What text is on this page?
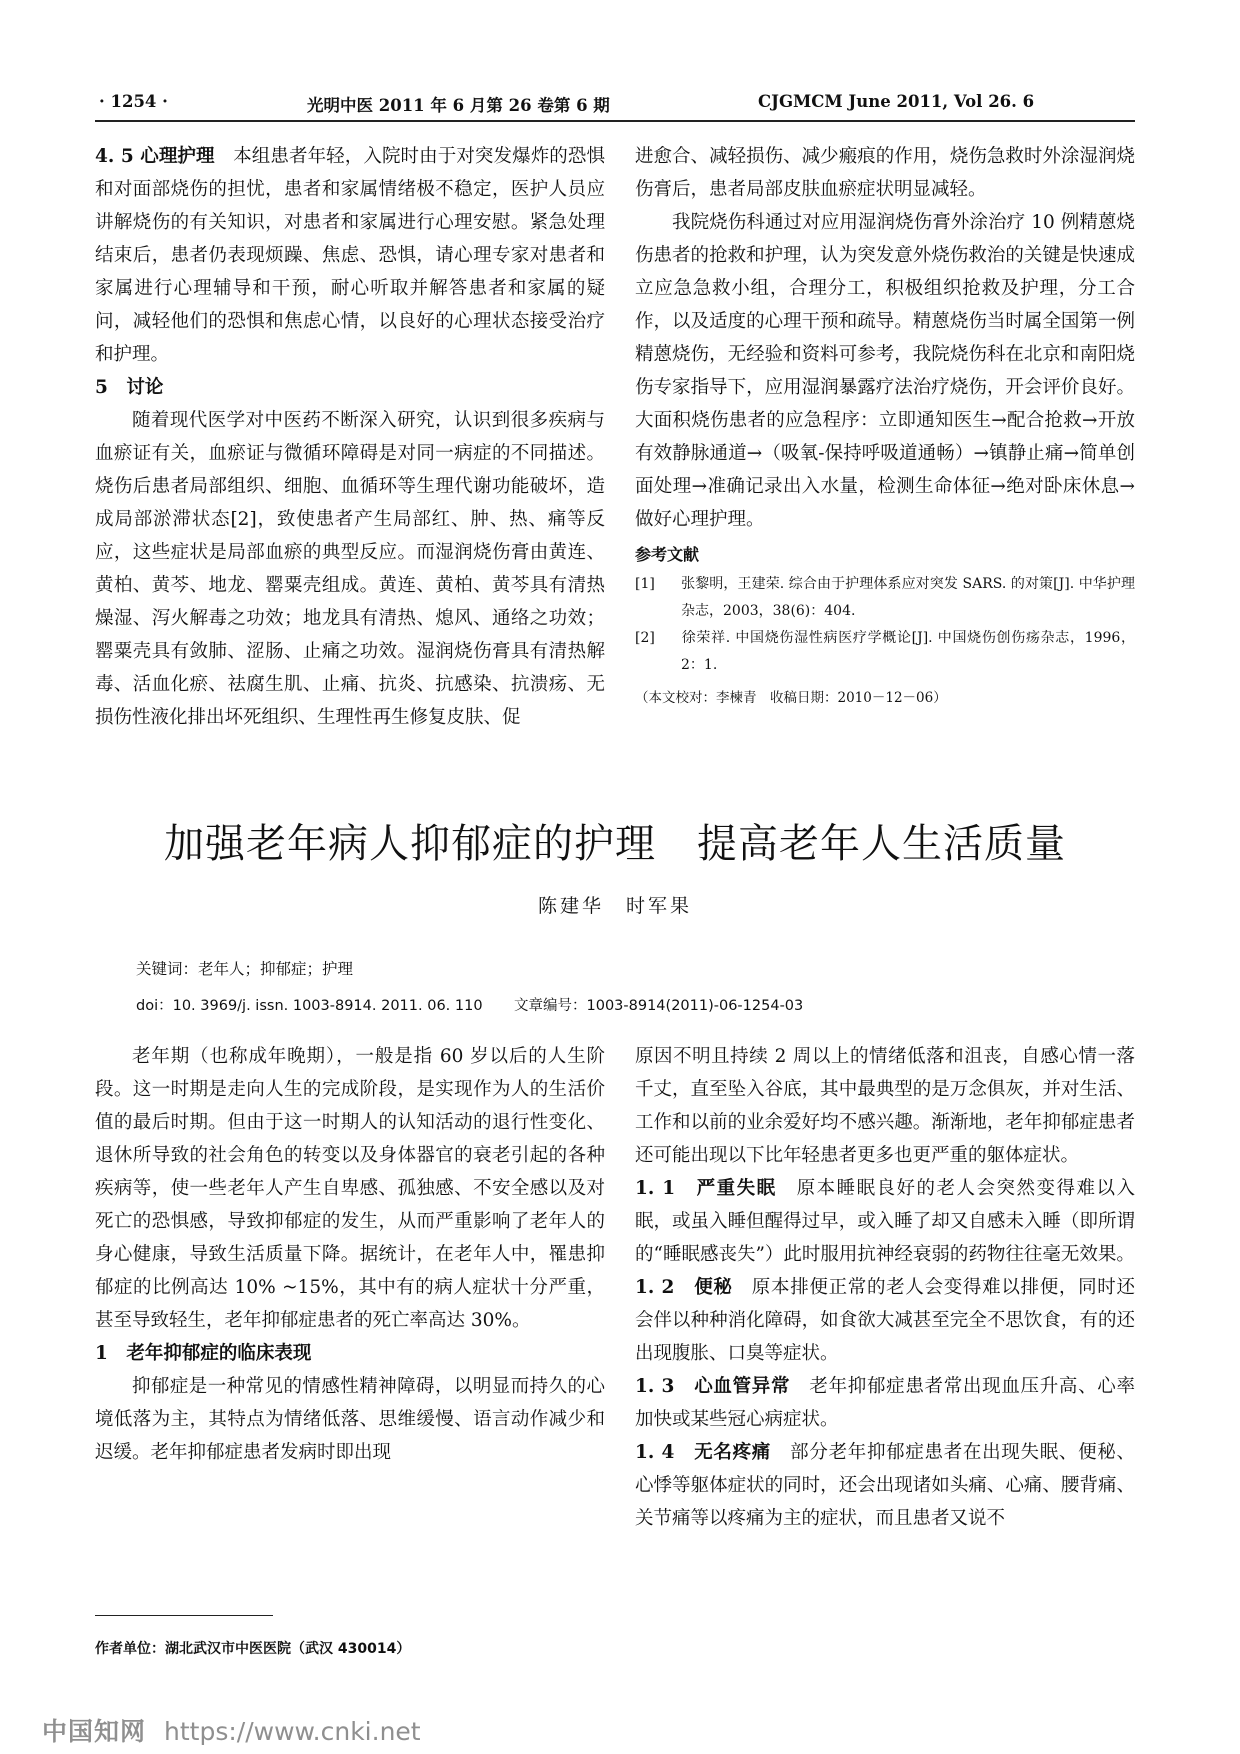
· 1254 ·	光明中医 2011 年 6 月第 26 卷第 6 期	CJGMCM June 2011, Vol 26. 6

4. 5 心理护理　本组患者年轻，入院时由于对突发爆炸的恐惧和对面部烧伤的担忧，患者和家属情绪极不稳定，医护人员应讲解烧伤的有关知识，对患者和家属进行心理安慰。紧急处理结束后，患者仍表现烦躁、焦虑、恐惧，请心理专家对患者和家属进行心理辅导和干预，耐心听取并解答患者和家属的疑问，减轻他们的恐惧和焦虑心情，以良好的心理状态接受治疗和护理。

5　讨论

随着现代医学对中医药不断深入研究，认识到很多疾病与血瘀证有关，血瘀证与微循环障碍是对同一病症的不同描述。烧伤后患者局部组织、细胞、血循环等生理代谢功能破坏，造成局部淤滞状态[2]，致使患者产生局部红、肿、热、痛等反应，这些症状是局部血瘀的典型反应。而湿润烧伤膏由黄连、黄柏、黄芩、地龙、罂粟壳组成。黄连、黄柏、黄芩具有清热燥湿、泻火解毒之功效；地龙具有清热、熄风、通络之功效；罂粟壳具有敛肺、涩肠、止痛之功效。湿润烧伤膏具有清热解毒、活血化瘀、祛腐生肌、止痛、抗炎、抗感染、抗溃疡、无损伤性液化排出坏死组织、生理性再生修复皮肤、促

进愈合、减轻损伤、减少瘢痕的作用，烧伤急救时外涂湿润烧伤膏后，患者局部皮肤血瘀症状明显减轻。

我院烧伤科通过对应用湿润烧伤膏外涂治疗 10 例精蒽烧伤患者的抢救和护理，认为突发意外烧伤救治的关键是快速成立应急急救小组，合理分工，积极组织抢救及护理，分工合作，以及适度的心理干预和疏导。精蒽烧伤当时属全国第一例精蒽烧伤，无经验和资料可参考，我院烧伤科在北京和南阳烧伤专家指导下，应用湿润暴露疗法治疗烧伤，开会评价良好。大面积烧伤患者的应急程序：立即通知医生→配合抢救→开放有效静脉通道→（吸氧-保持呼吸道通畅）→镇静止痛→简单创面处理→准确记录出入水量，检测生命体征→绝对卧床休息→做好心理护理。

参考文献

[1] 张黎明，王建荣. 综合由于护理体系应对突发 SARS. 的对策[J]. 中华护理杂志，2003，38(6)：404.

[2] 徐荣祥. 中国烧伤湿性病医疗学概论[J]. 中国烧伤创伤疡杂志，1996，2：1.

（本文校对：李楝青　收稿日期：2010－12－06）

加强老年病人抑郁症的护理　提高老年人生活质量
陈建华　时军果
关键词：老年人；抑郁症；护理
doi：10. 3969/j. issn. 1003-8914. 2011. 06. 110 文章编号：1003-8914(2011)-06-1254-03

老年期（也称成年晚期），一般是指 60 岁以后的人生阶段。这一时期是走向人生的完成阶段，是实现作为人的生活价值的最后时期。但由于这一时期人的认知活动的退行性变化、退休所导致的社会角色的转变以及身体器官的衰老引起的各种疾病等，使一些老年人产生自卑感、孤独感、不安全感以及对死亡的恐惧感，导致抑郁症的发生，从而严重影响了老年人的身心健康，导致生活质量下降。据统计，在老年人中，罹患抑郁症的比例高达 10% ~15%，其中有的病人症状十分严重，甚至导致轻生，老年抑郁症患者的死亡率高达 30%。

1　老年抑郁症的临床表现

抑郁症是一种常见的情感性精神障碍，以明显而持久的心境低落为主，其特点为情绪低落、思维缓慢、语言动作减少和迟缓。老年抑郁症患者发病时即出现

原因不明且持续 2 周以上的情绪低落和沮丧，自感心情一落千丈，直至坠入谷底，其中最典型的是万念俱灰，并对生活、工作和以前的业余爱好均不感兴趣。渐渐地，老年抑郁症患者还可能出现以下比年轻患者更多也更严重的躯体症状。

1. 1　严重失眠　原本睡眠良好的老人会突然变得难以入眠，或虽入睡但醒得过早，或入睡了却又自感未入睡（即所谓的“睡眠感丧失”）此时服用抗神经衰弱的药物往往毫无效果。

1. 2　便秘　原本排便正常的老人会变得难以排便，同时还会伴以种种消化障碍，如食欲大减甚至完全不思饮食，有的还出现腹胀、口臭等症状。

1. 3　心血管异常　老年抑郁症患者常出现血压升高、心率加快或某些冠心病症状。

1. 4　无名疼痛　部分老年抑郁症患者在出现失眠、便秘、心悸等躯体症状的同时，还会出现诸如头痛、心痛、腰背痛、关节痛等以疼痛为主的症状，而且患者又说不

作者单位：湖北武汉市中医医院（武汉 430014）
中国知网 https://www.cnki.net
